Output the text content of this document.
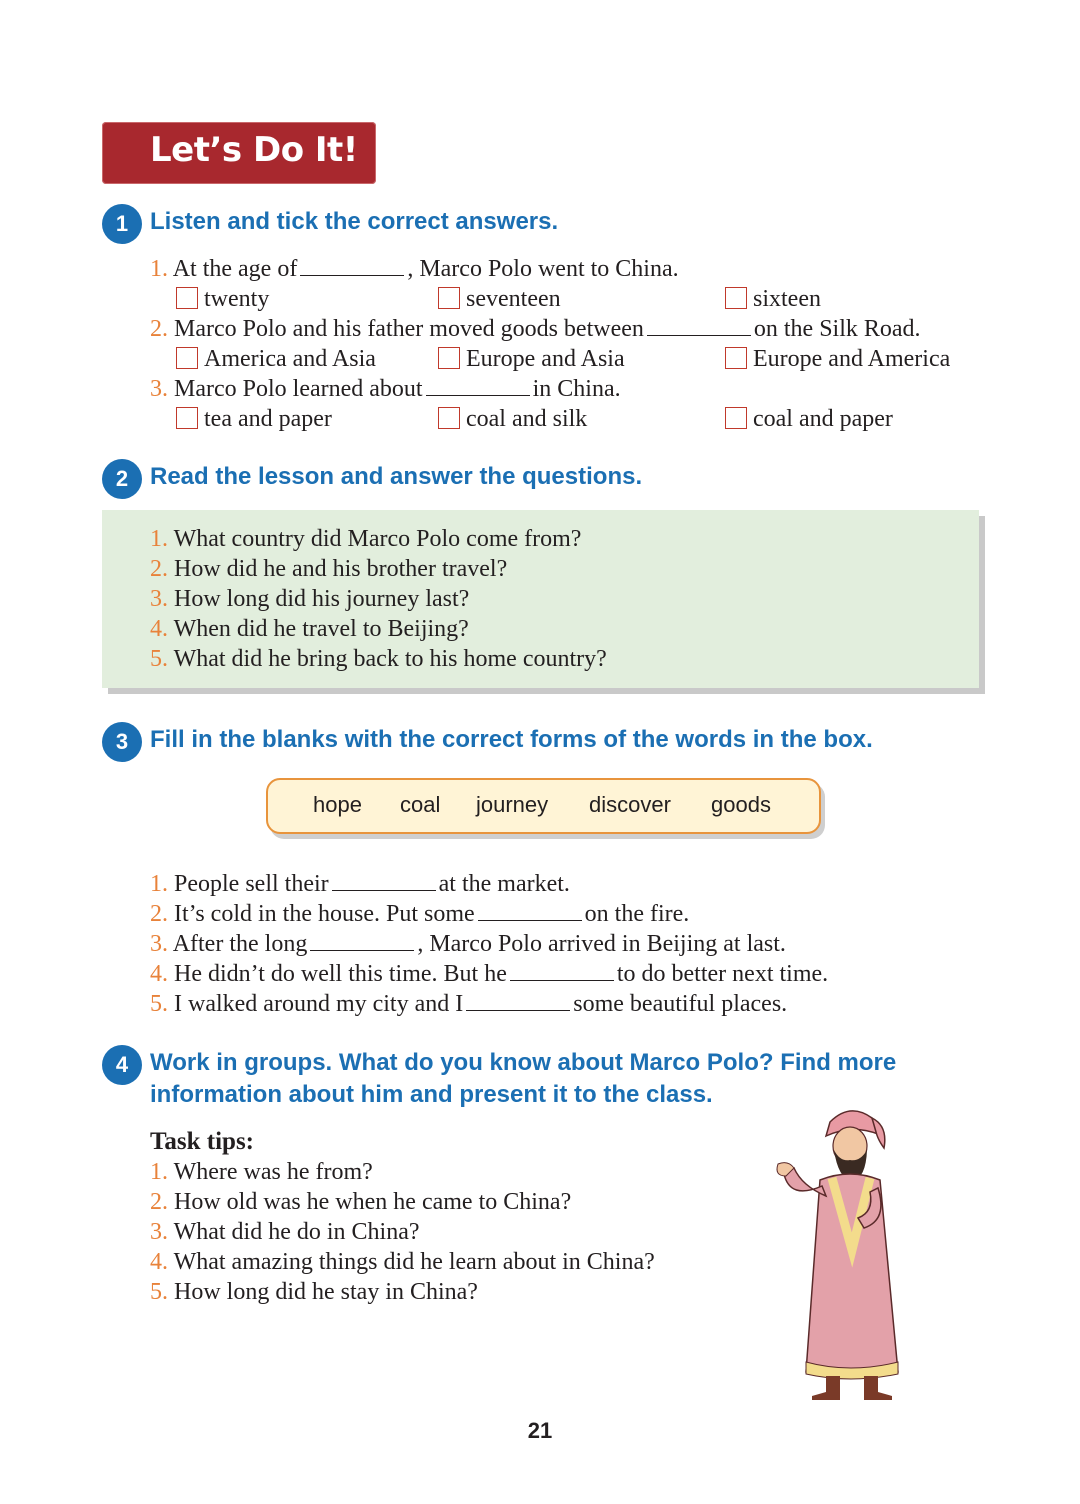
Let’s Do It!
1 Listen and tick the correct answers.
1. At the age of	, Marco Polo went to China.
twenty	seventeen	sixteen
2. Marco Polo and his father moved goods between	on the Silk Road.
America and Asia	Europe and Asia	Europe and America
3. Marco Polo learned about	in China.
tea and paper	coal and silk	coal and paper
2 Read the lesson and answer the questions.
1. What country did Marco Polo come from?
2. How did he and his brother travel?
3. How long did his journey last?
4. When did he travel to Beijing?
5. What did he bring back to his home country?
3 Fill in the blanks with the correct forms of the words in the box.
hope coal journey discover goods
1. People sell their	at the market.
2. It’s cold in the house. Put some	on the fire.
3. After the long	, Marco Polo arrived in Beijing at last.
4. He didn’t do well this time. But he	to do better next time.
5. I walked around my city and I	some beautiful places.
4 Work in groups. What do you know about Marco Polo? Find more
information about him and present it to the class.
Task tips:
1. Where was he from?
2. How old was he when he came to China?
3. What did he do in China?
4. What amazing things did he learn about in China?
5. How long did he stay in China?
21
